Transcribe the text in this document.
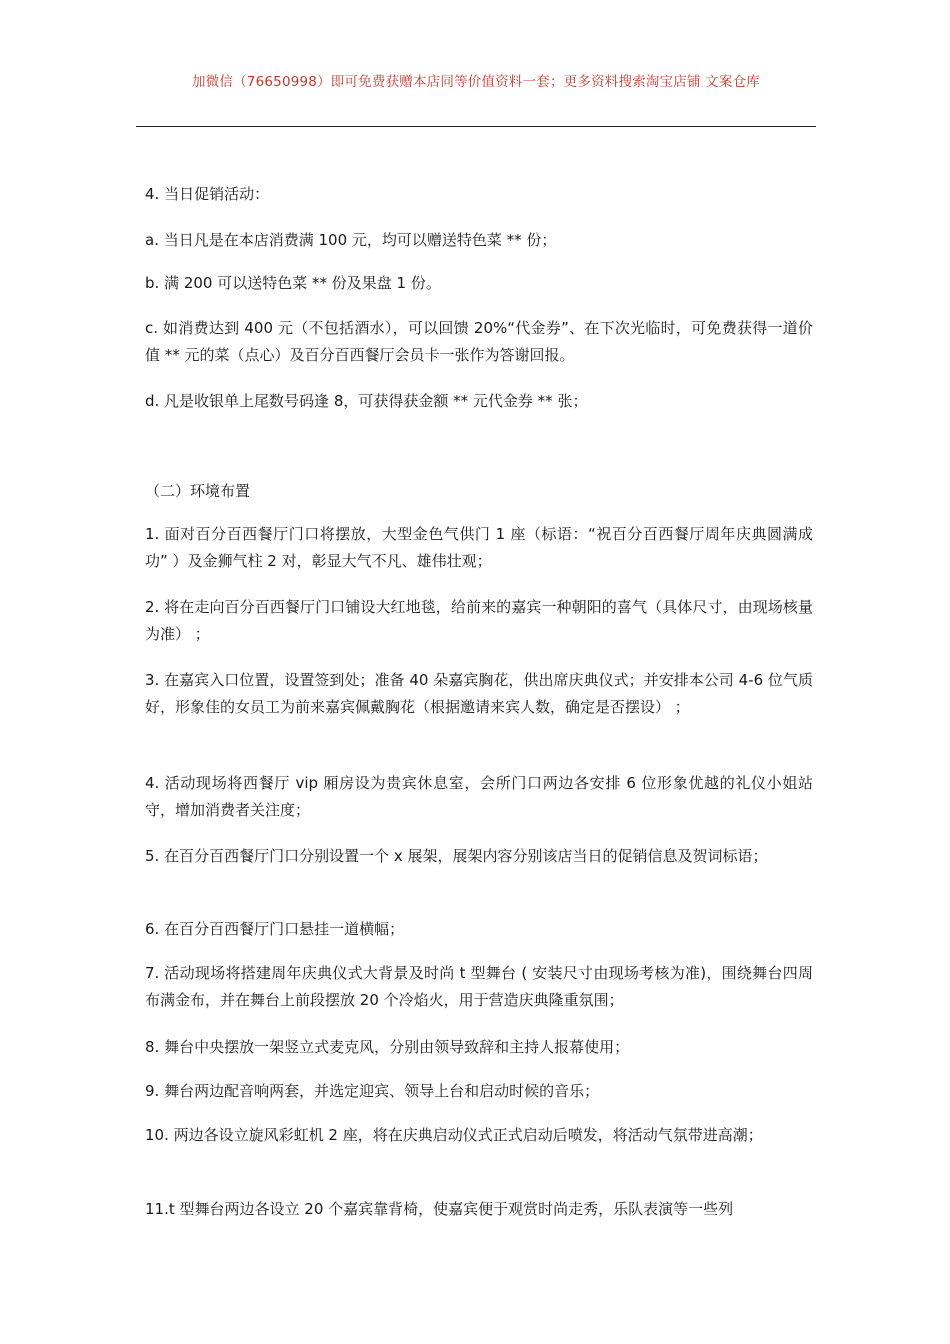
加微信（76650998）即可免费获赠本店同等价值资料一套；更多资料搜索淘宝店铺 文案仓库

4. 当日促销活动：

a. 当日凡是在本店消费满 100 元，均可以赠送特色菜 ** 份；

b. 满 200 可以送特色菜 ** 份及果盘 1 份。

c. 如消费达到 400 元（不包括酒水），可以回馈 20%“代金券”、在下次光临时，可免费获得一道价值 ** 元的菜（点心）及百分百西餐厅会员卡一张作为答谢回报。

d. 凡是收银单上尾数号码逢 8，可获得获金额 ** 元代金券 ** 张；

（二）环境布置

1. 面对百分百西餐厅门口将摆放，大型金色气供门 1 座（标语：“祝百分百西餐厅周年庆典圆满成功” ）及金狮气柱 2 对，彰显大气不凡、雄伟壮观；

2. 将在走向百分百西餐厅门口铺设大红地毯，给前来的嘉宾一种朝阳的喜气（具体尺寸，由现场核量为准） ；

3. 在嘉宾入口位置，设置签到处；准备 40 朵嘉宾胸花，供出席庆典仪式；并安排本公司 4-6 位气质好，形象佳的女员工为前来嘉宾佩戴胸花（根据邀请来宾人数，确定是否摆设） ；

4. 活动现场将西餐厅 vip 厢房设为贵宾休息室，会所门口两边各安排 6 位形象优越的礼仪小姐站守，增加消费者关注度；

5. 在百分百西餐厅门口分别设置一个 x 展架，展架内容分别该店当日的促销信息及贺词标语；

6. 在百分百西餐厅门口悬挂一道横幅；

7. 活动现场将搭建周年庆典仪式大背景及时尚 t 型舞台 ( 安装尺寸由现场考核为准)，围绕舞台四周布满金布，并在舞台上前段摆放 20 个冷焰火，用于营造庆典隆重氛围；

8. 舞台中央摆放一架竖立式麦克风，分别由领导致辞和主持人报幕使用；

9. 舞台两边配音响两套，并选定迎宾、领导上台和启动时候的音乐；

10. 两边各设立旋风彩虹机 2 座，将在庆典启动仪式正式启动后喷发，将活动气氛带进高潮；

11.t 型舞台两边各设立 20 个嘉宾靠背椅，使嘉宾便于观赏时尚走秀，乐队表演等一些列
